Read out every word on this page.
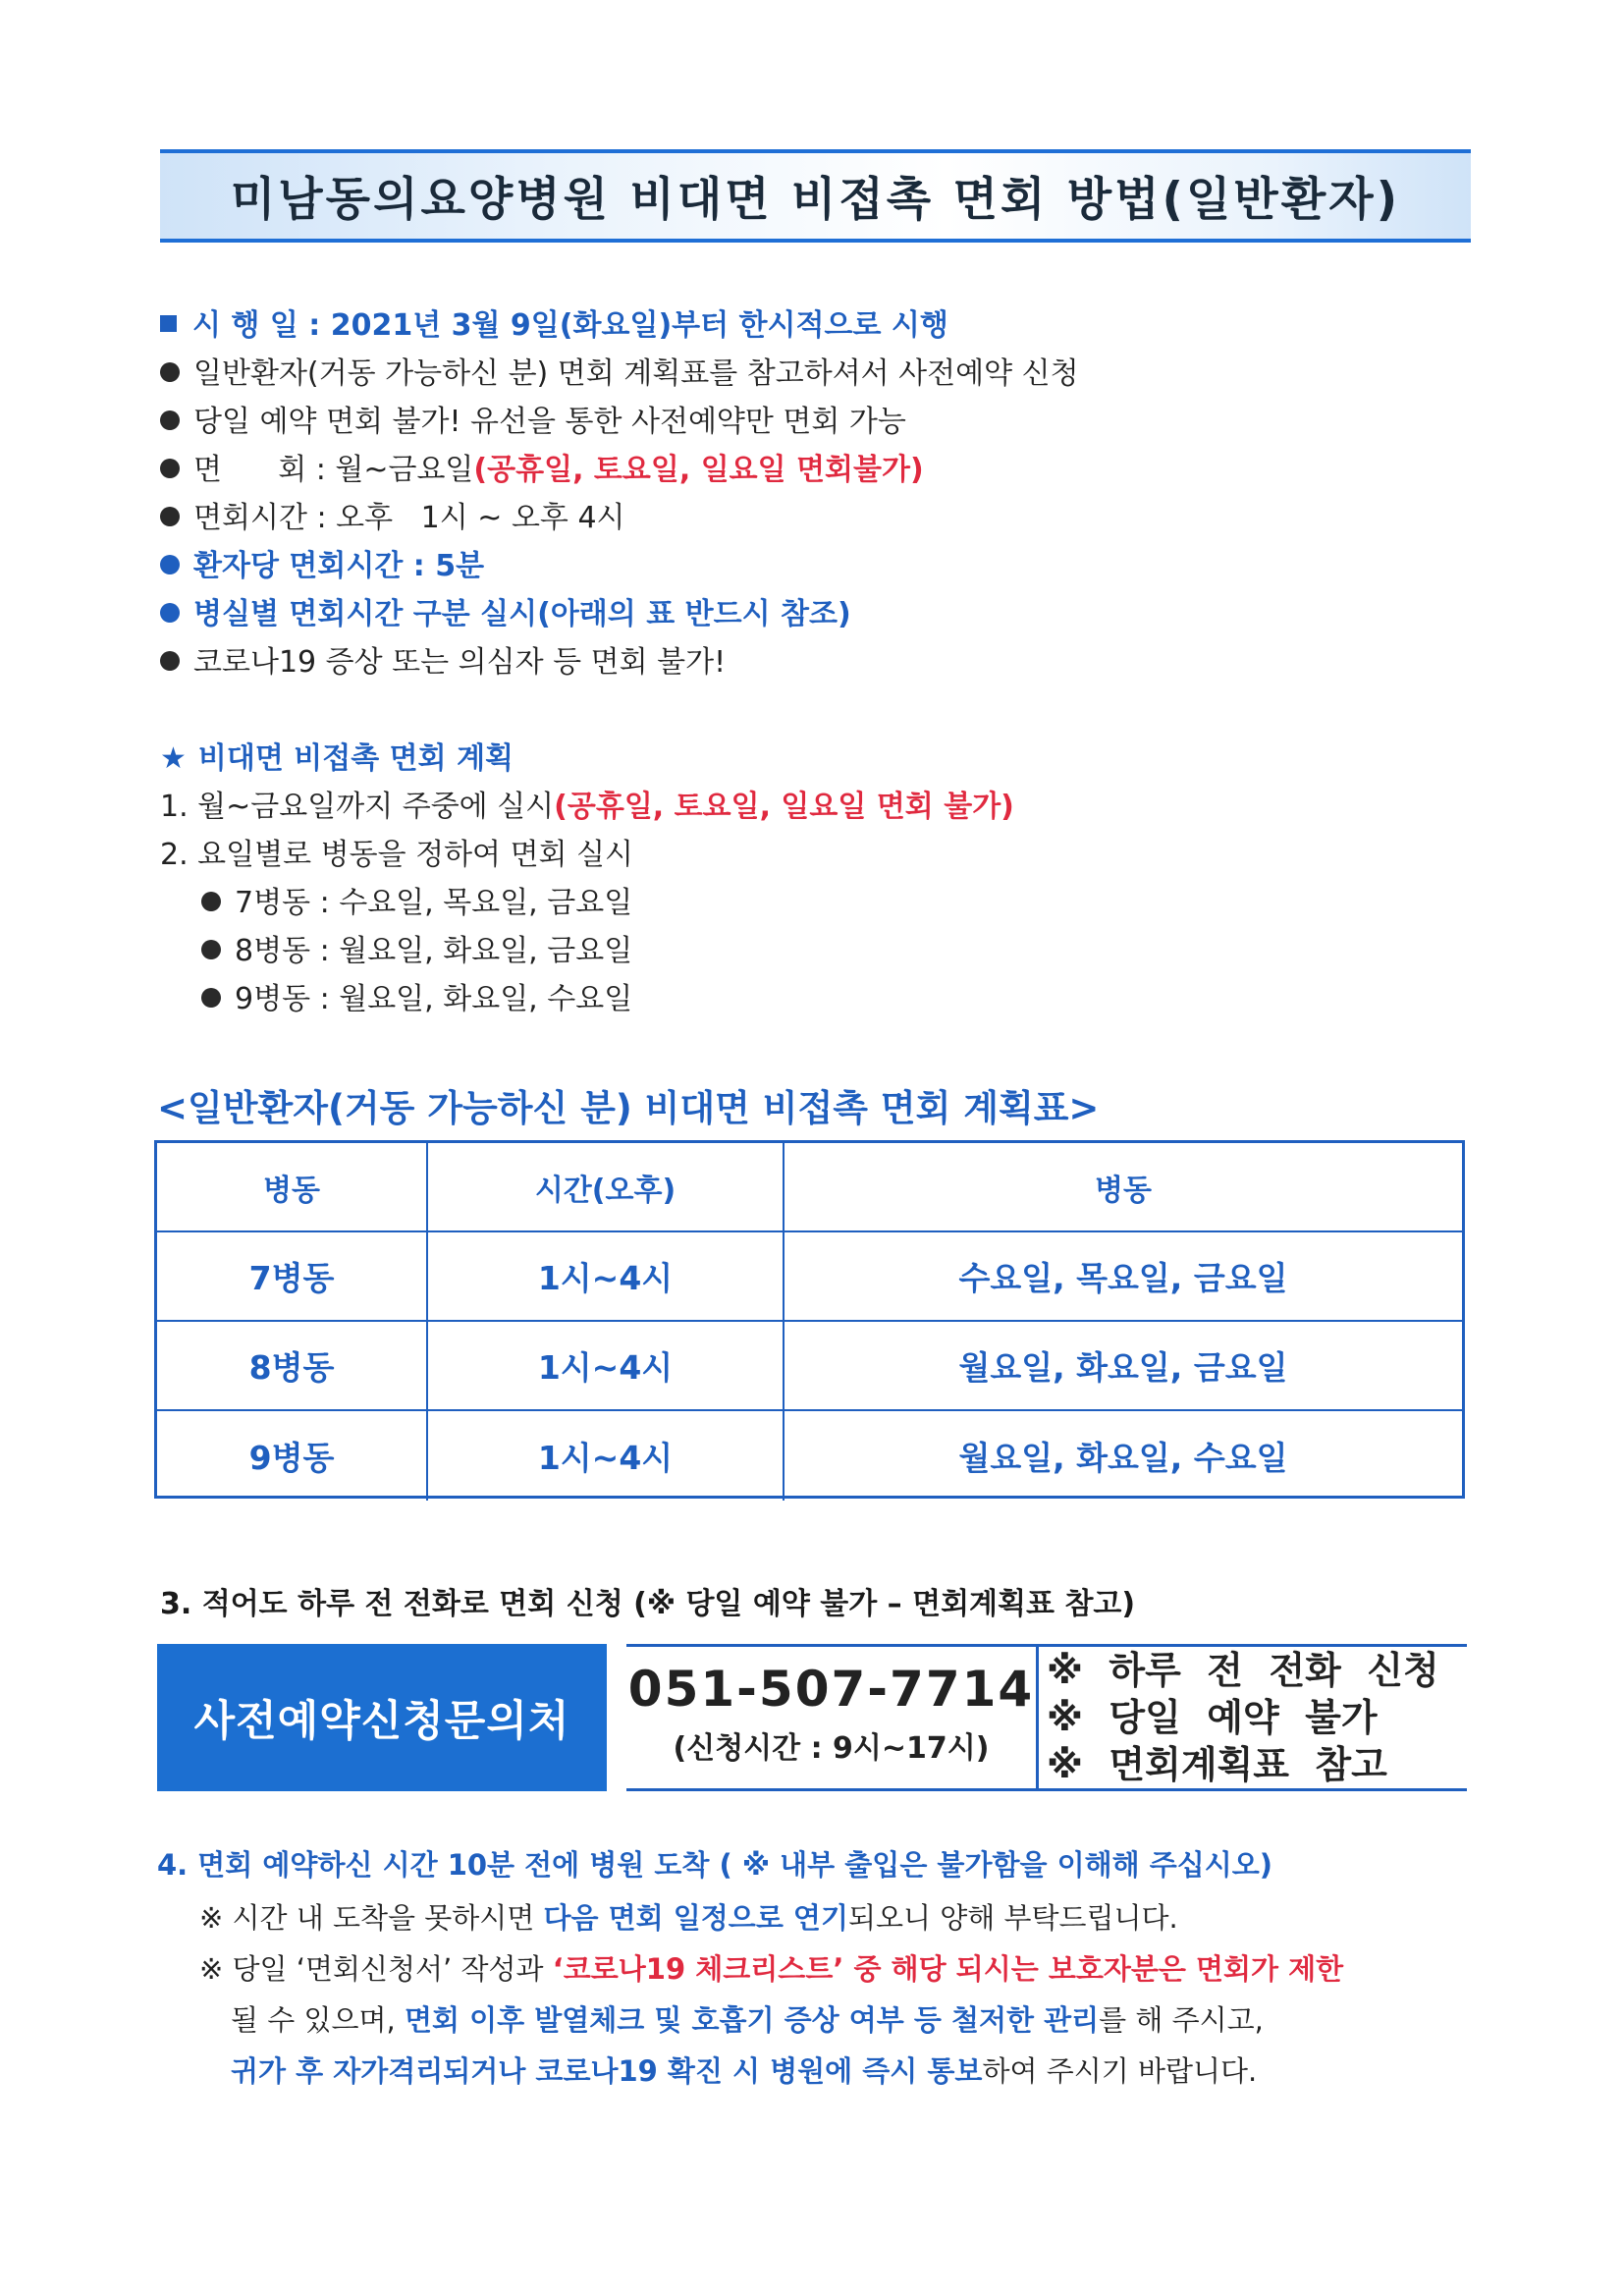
미남동의요양병원 비대면 비접촉 면회 방법(일반환자)
시 행 일 : 2021년 3월 9일(화요일)부터 한시적으로 시행
일반환자(거동 가능하신 분) 면회 계획표를 참고하셔서 사전예약 신청
당일 예약 면회 불가! 유선을 통한 사전예약만 면회 가능
면      회 : 월~금요일(공휴일, 토요일, 일요일 면회불가)
면회시간 : 오후   1시 ~ 오후 4시
환자당 면회시간 : 5분
병실별 면회시간 구분 실시(아래의 표 반드시 참조)
코로나19 증상 또는 의심자 등 면회 불가!
★ 비대면 비접촉 면회 계획
1. 월~금요일까지 주중에 실시(공휴일, 토요일, 일요일 면회 불가)
2. 요일별로 병동을 정하여 면회 실시
7병동 : 수요일, 목요일, 금요일
8병동 : 월요일, 화요일, 금요일
9병동 : 월요일, 화요일, 수요일
<일반환자(거동 가능하신 분) 비대면 비접촉 면회 계획표>
병동	시간(오후)	병동
7병동	1시~4시	수요일, 목요일, 금요일
8병동	1시~4시	월요일, 화요일, 금요일
9병동	1시~4시	월요일, 화요일, 수요일
3. 적어도 하루 전 전화로 면회 신청 (※ 당일 예약 불가 – 면회계획표 참고)
사전예약신청문의처
051-507-7714
(신청시간 : 9시~17시)
※  하루  전  전화  신청
※  당일  예약  불가
※  면회계획표  참고
4. 면회 예약하신 시간 10분 전에 병원 도착 ( ※ 내부 출입은 불가함을 이해해 주십시오)
※ 시간 내 도착을 못하시면 다음 면회 일정으로 연기되오니 양해 부탁드립니다.
※ 당일 ‘면회신청서’ 작성과 ‘코로나19 체크리스트’ 중 해당 되시는 보호자분은 면회가 제한
될 수 있으며, 면회 이후 발열체크 및 호흡기 증상 여부 등 철저한 관리를 해 주시고,
귀가 후 자가격리되거나 코로나19 확진 시 병원에 즉시 통보하여 주시기 바랍니다.
